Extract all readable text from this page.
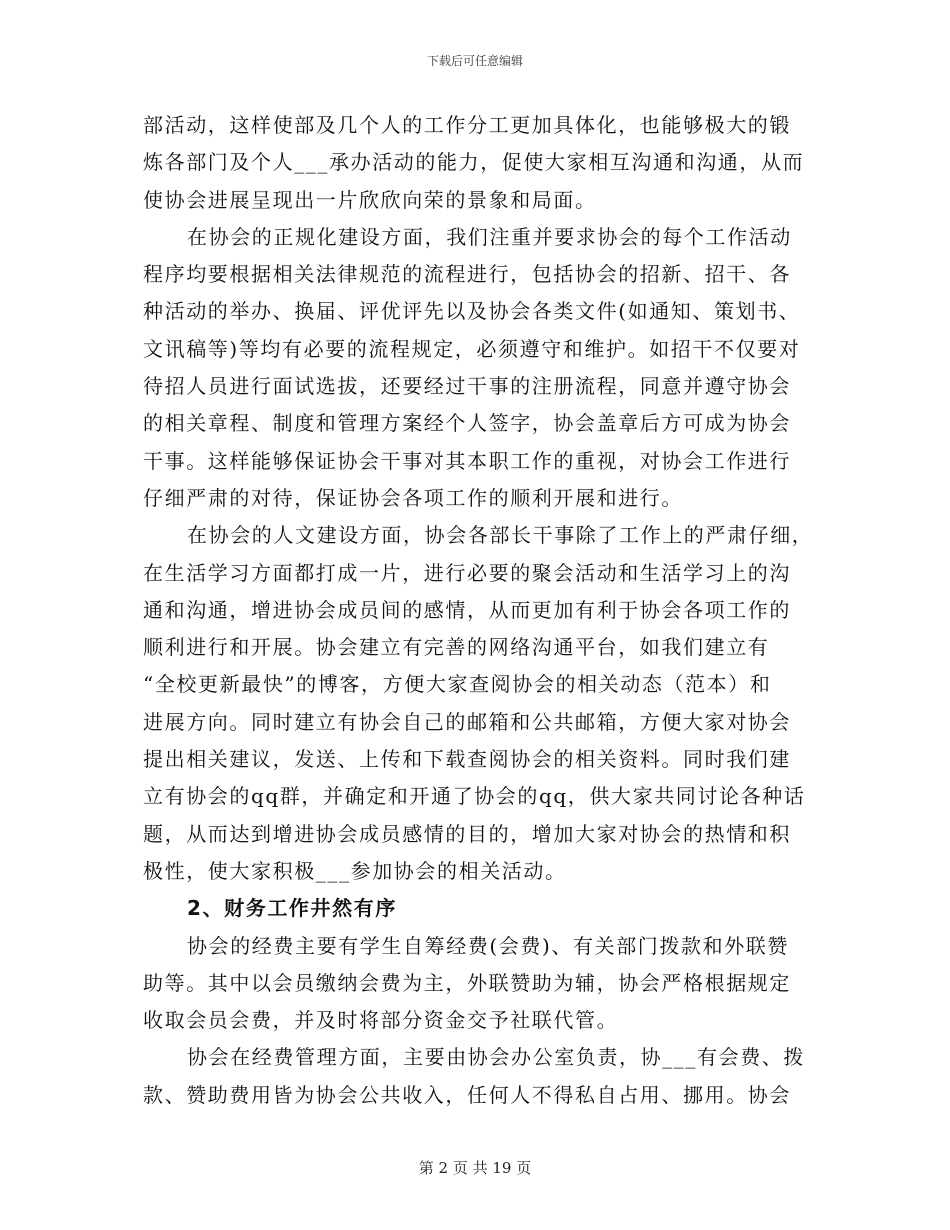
下载后可任意编辑
部活动，这样使部及几个人的工作分工更加具体化，也能够极大的锻
炼各部门及个人___承办活动的能力，促使大家相互沟通和沟通，从而
使协会进展呈现出一片欣欣向荣的景象和局面。
在协会的正规化建设方面，我们注重并要求协会的每个工作活动
程序均要根据相关法律规范的流程进行，包括协会的招新、招干、各
种活动的举办、换届、评优评先以及协会各类文件(如通知、策划书、
文讯稿等)等均有必要的流程规定，必须遵守和维护。如招干不仅要对
待招人员进行面试选拔，还要经过干事的注册流程，同意并遵守协会
的相关章程、制度和管理方案经个人签字，协会盖章后方可成为协会
干事。这样能够保证协会干事对其本职工作的重视，对协会工作进行
仔细严肃的对待，保证协会各项工作的顺利开展和进行。
在协会的人文建设方面，协会各部长干事除了工作上的严肃仔细，
在生活学习方面都打成一片，进行必要的聚会活动和生活学习上的沟
通和沟通，增进协会成员间的感情，从而更加有利于协会各项工作的
顺利进行和开展。协会建立有完善的网络沟通平台，如我们建立有
“全校更新最快”的博客，方便大家查阅协会的相关动态（范本）和
进展方向。同时建立有协会自己的邮箱和公共邮箱，方便大家对协会
提出相关建议，发送、上传和下载查阅协会的相关资料。同时我们建
立有协会的qq群，并确定和开通了协会的qq，供大家共同讨论各种话
题，从而达到增进协会成员感情的目的，增加大家对协会的热情和积
极性，使大家积极___参加协会的相关活动。
2、财务工作井然有序
协会的经费主要有学生自筹经费(会费)、有关部门拨款和外联赞
助等。其中以会员缴纳会费为主，外联赞助为辅，协会严格根据规定
收取会员会费，并及时将部分资金交予社联代管。
协会在经费管理方面，主要由协会办公室负责，协___有会费、拨
款、赞助费用皆为协会公共收入，任何人不得私自占用、挪用。协会
第 2 页 共 19 页
